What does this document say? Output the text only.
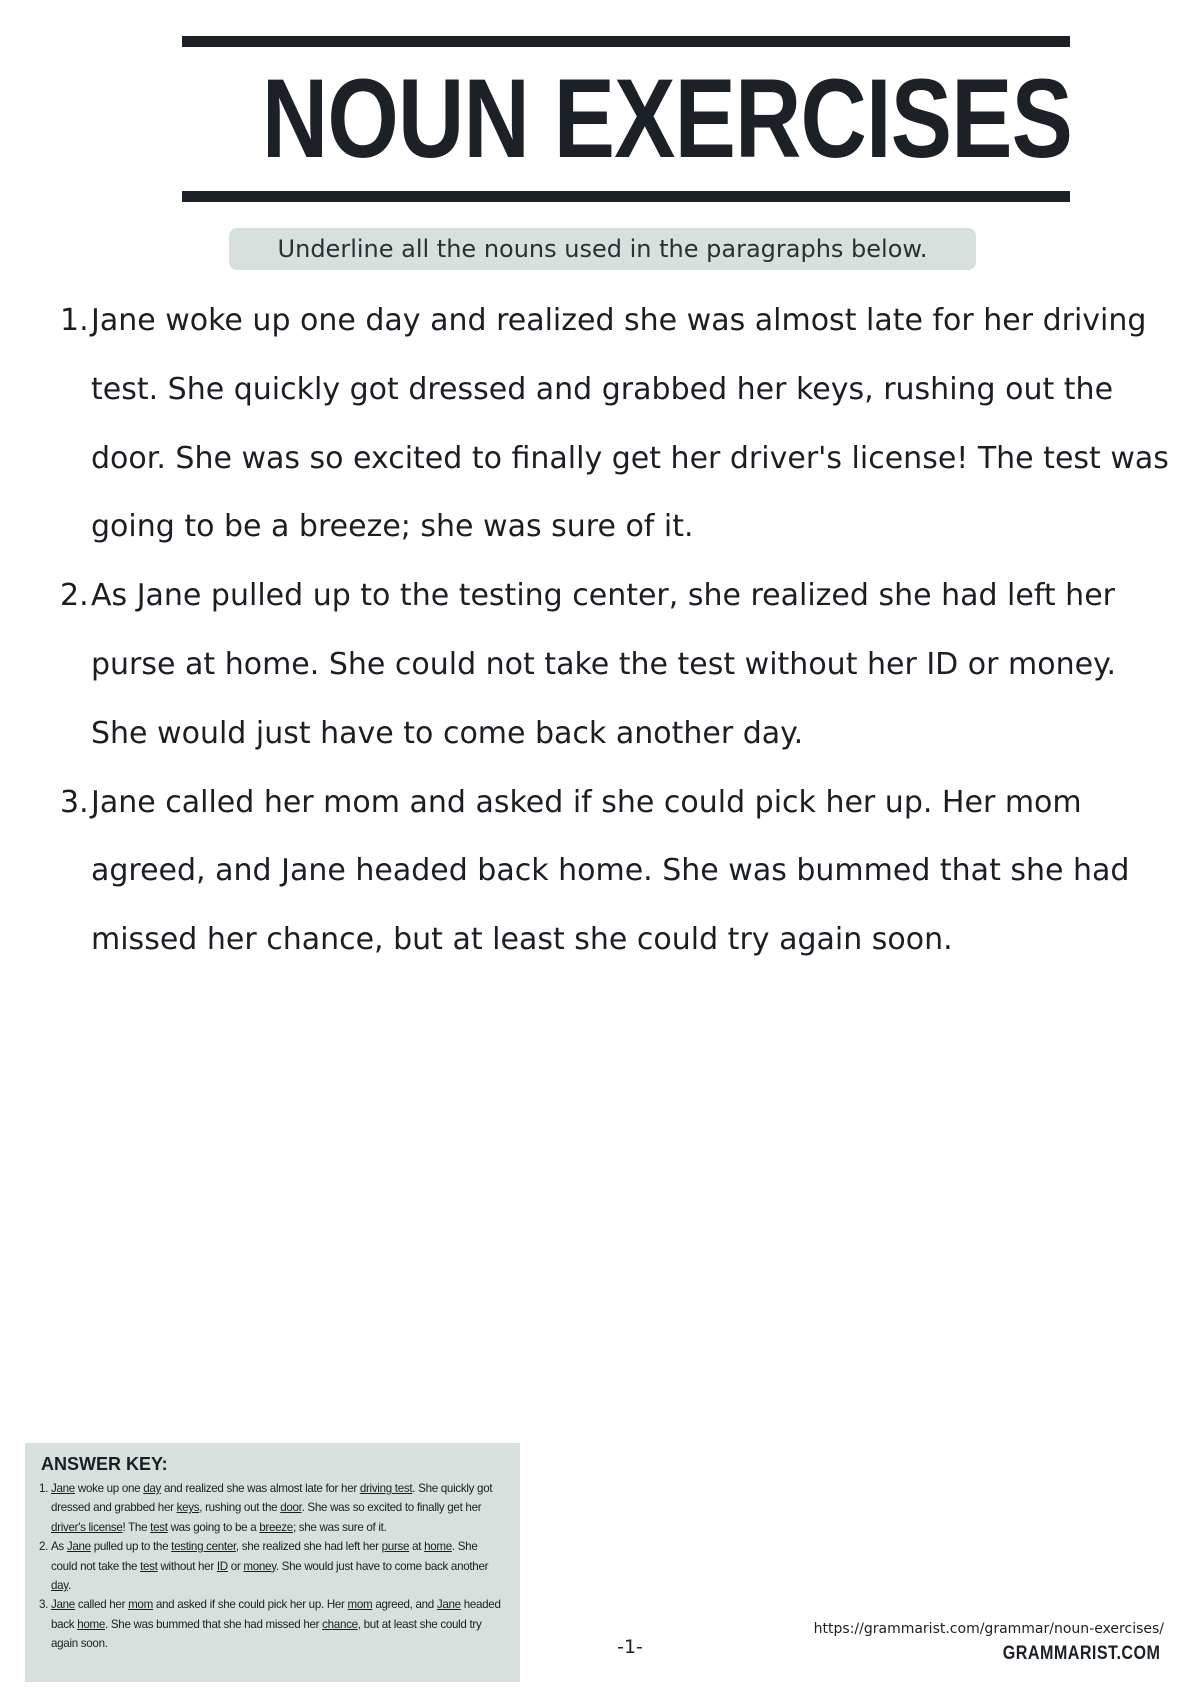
NOUN EXERCISES
Underline all the nouns used in the paragraphs below.
1. Jane woke up one day and realized she was almost late for her driving test. She quickly got dressed and grabbed her keys, rushing out the door. She was so excited to finally get her driver's license! The test was going to be a breeze; she was sure of it.
2. As Jane pulled up to the testing center, she realized she had left her purse at home. She could not take the test without her ID or money. She would just have to come back another day.
3. Jane called her mom and asked if she could pick her up. Her mom agreed, and Jane headed back home. She was bummed that she had missed her chance, but at least she could try again soon.
ANSWER KEY:
1. Jane woke up one day and realized she was almost late for her driving test. She quickly got dressed and grabbed her keys, rushing out the door. She was so excited to finally get her driver's license! The test was going to be a breeze; she was sure of it.
2. As Jane pulled up to the testing center, she realized she had left her purse at home. She could not take the test without her ID or money. She would just have to come back another day.
3. Jane called her mom and asked if she could pick her up. Her mom agreed, and Jane headed back home. She was bummed that she had missed her chance, but at least she could try again soon.	-1-
https://grammarist.com/grammar/noun-exercises/
GRAMMARIST.COM
